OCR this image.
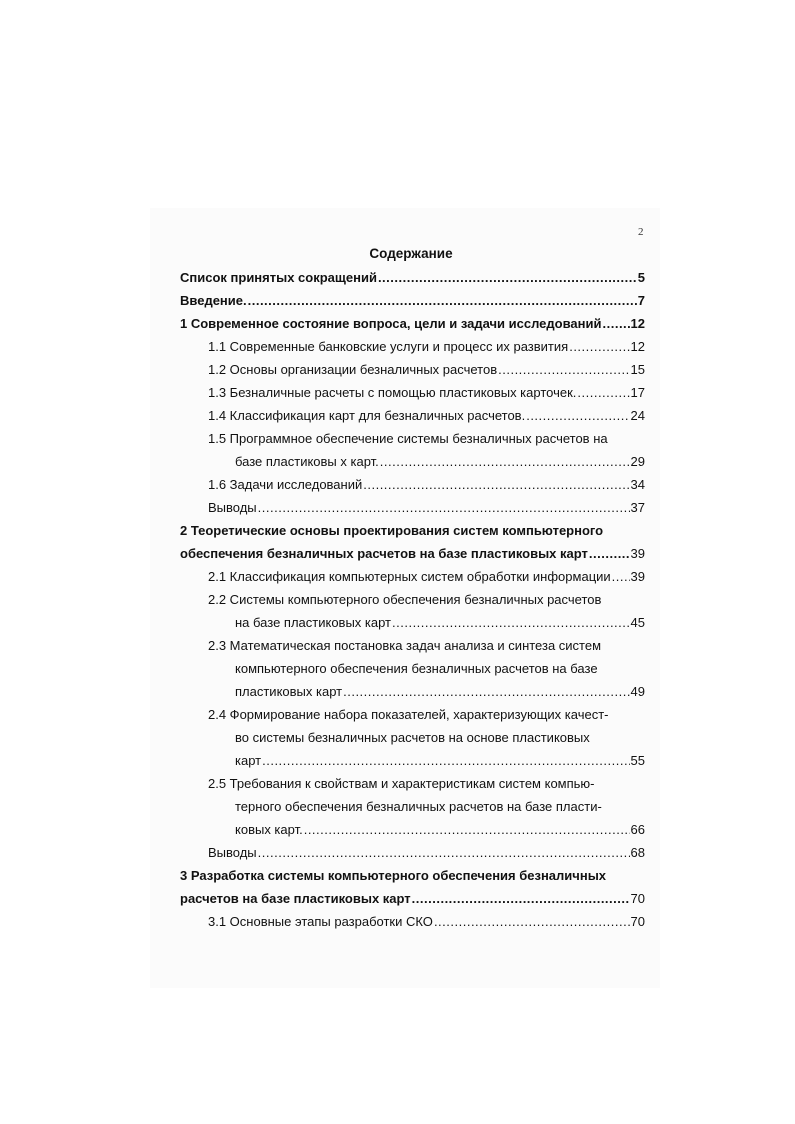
2
Содержание
Список принятых сокращений .....	5
Введение. .....	7
1 Современное состояние вопроса, цели и задачи исследований ..... 12
1.1 Современные банковские услуги и процесс их развития .....	12
1.2 Основы организации безналичных расчетов .....	15
1.3 Безналичные расчеты с помощью пластиковых карточек. .....	17
1.4 Классификация карт для безналичных расчетов. .....	24
1.5 Программное обеспечение системы безналичных расчетов на
базе пластиковы х карт. .....	29
1.6 Задачи исследований .....	34
Выводы .....	37
2 Теоретические основы проектирования систем компьютерного
обеспечения безналичных расчетов на базе пластиковых карт .....	39
2.1 Классификация компьютерных систем обработки информации ..... 39
2.2 Системы компьютерного обеспечения безналичных расчетов
на базе пластиковых карт .....	45
2.3 Математическая постановка задач анализа и синтеза систем
компьютерного обеспечения безналичных расчетов на базе
пластиковых карт .....	49
2.4 Формирование набора показателей, характеризующих качест-
во системы безналичных расчетов на основе пластиковых
карт .....	55
2.5 Требования к свойствам и характеристикам систем компью-
терного обеспечения безналичных расчетов на базе пласти-
ковых карт. .....	66
Выводы .....	68
3 Разработка системы компьютерного обеспечения безналичных
расчетов на базе пластиковых карт .....	70
3.1 Основные этапы разработки СКО .....	70
